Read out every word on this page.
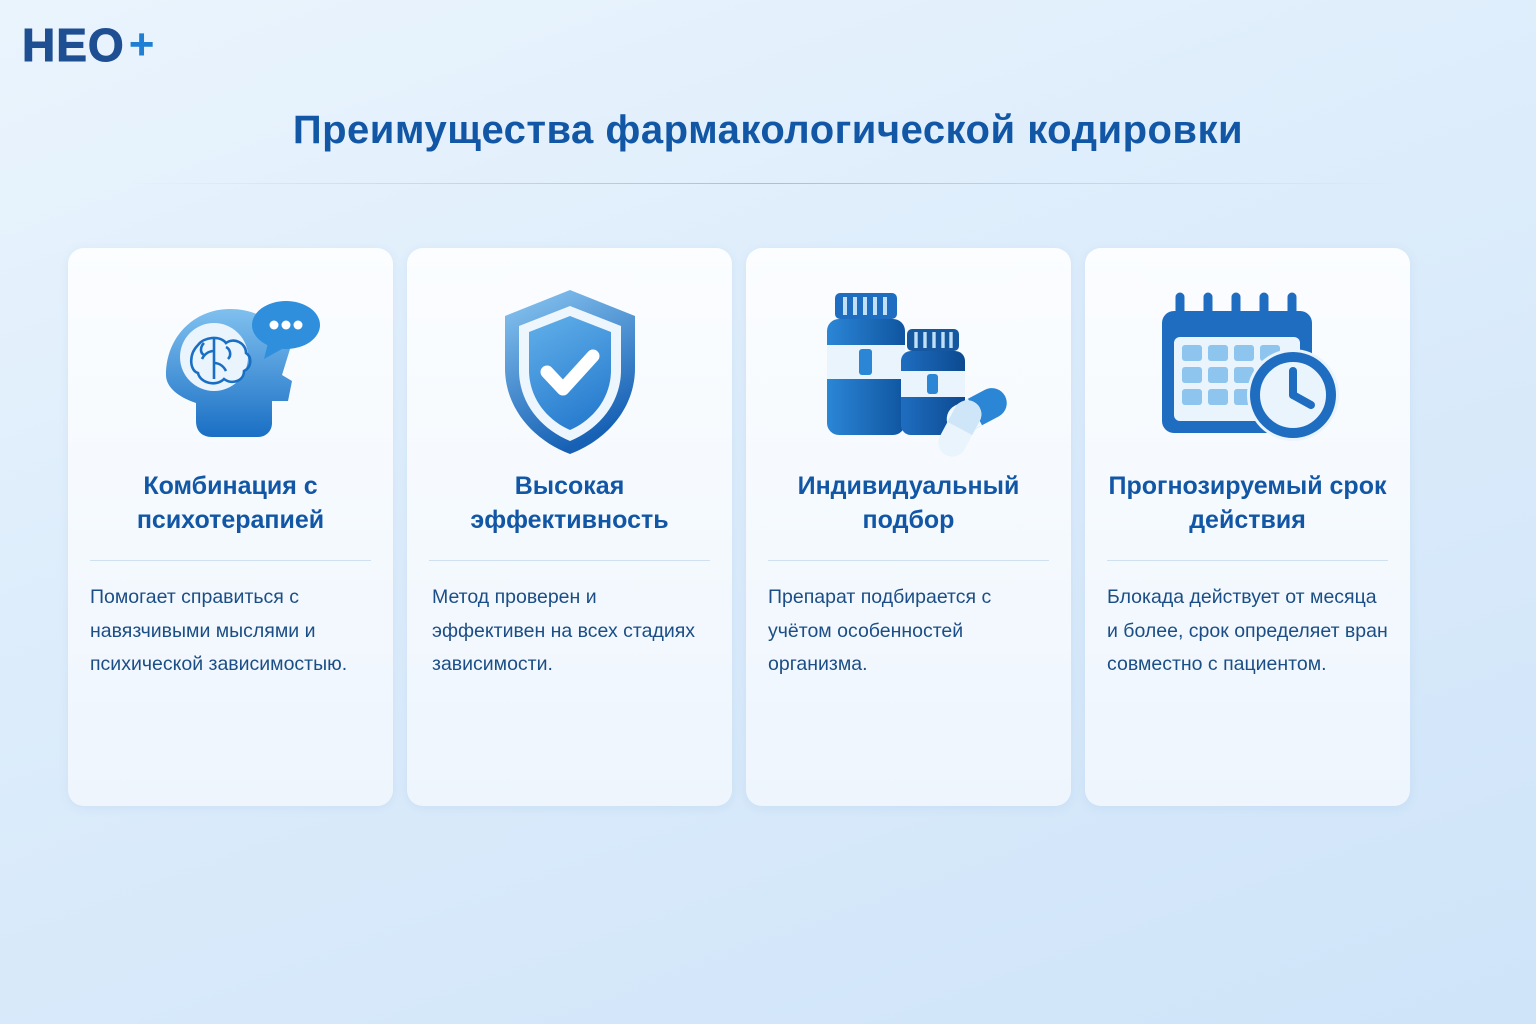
HEO +
Преимущества фармакологической кодировки
Комбинация с психотерапией
Помогает справиться с навязчивыми мыслями и психической зависимостыю.
Высокая эффективность
Метод проверен и эффективен на всех стадиях зависимости.
Индивидуальный подбор
Препарат подбирается с учётом особенностей организма.
Прогнозируемый срок действия
Блокада действует от месяца и более, срок определяет вран совместно с пациентом.
